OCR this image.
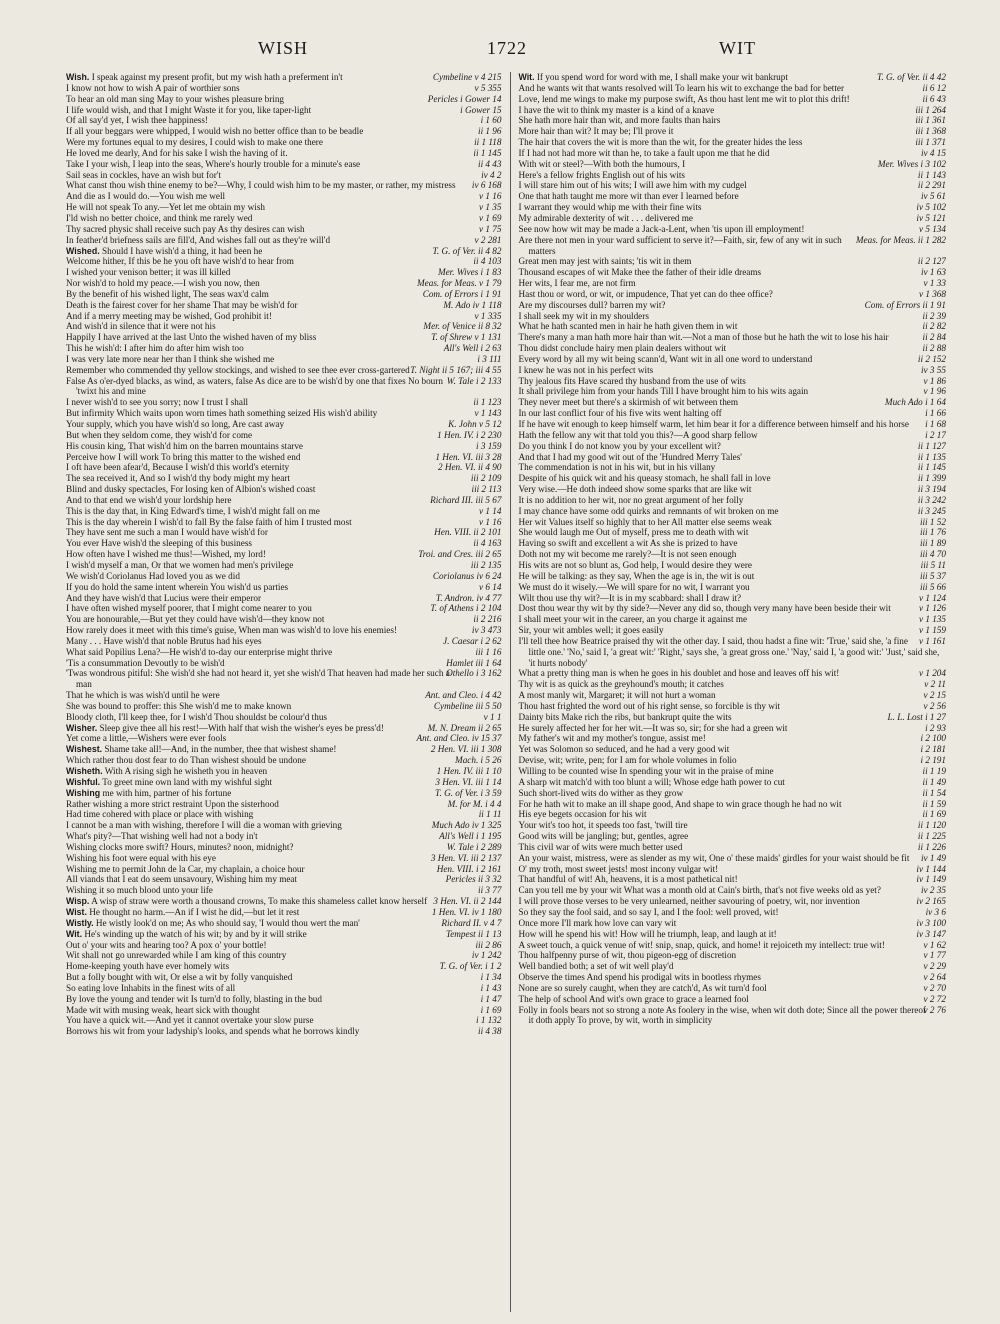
WISH	1722	WIT

Cymbeline v 4 215
Wish. I speak against my present profit, but my wish hath a preferment in't

v 5 355
I know not how to wish A pair of worthier sons

Pericles i Gower 14
To hear an old man sing May to your wishes pleasure bring

i Gower 15
I life would wish, and that I might Waste it for you, like taper-light

i 1 60
Of all say'd yet, I wish thee happiness!

ii 1 96
If all your beggars were whipped, I would wish no better office than to be beadle

ii 1 118
Were my fortunes equal to my desires, I could wish to make one there

ii 1 145
He loved me dearly, And for his sake I wish the having of it.

ii 4 43
Take I your wish, I leap into the seas, Where's hourly trouble for a minute's ease

iv 4 2
Sail seas in cockles, have an wish but for't

iv 6 168
What canst thou wish thine enemy to be?—Why, I could wish him to be my master, or rather, my mistress

v 1 16
And die as I would do.—You wish me well

v 1 35
He will not speak To any.—Yet let me obtain my wish

v 1 69
I'ld wish no better choice, and think me rarely wed

v 1 75
Thy sacred physic shall receive such pay As thy desires can wish

v 2 281
In feather'd briefness sails are fill'd, And wishes fall out as they're will'd

T. G. of Ver. ii 4 82
Wished. Should I have wish'd a thing, it had been he

ii 4 103
Welcome hither, If this be he you oft have wish'd to hear from

Mer. Wives i 1 83
I wished your venison better; it was ill killed

Meas. for Meas. v 1 79
Nor wish'd to hold my peace.—I wish you now, then

Com. of Errors i 1 91
By the benefit of his wished light, The seas wax'd calm

M. Ado iv 1 118
Death is the fairest cover for her shame That may be wish'd for

v 1 335
And if a merry meeting may be wished, God prohibit it!

Mer. of Venice ii 8 32
And wish'd in silence that it were not his

T. of Shrew v 1 131
Happily I have arrived at the last Unto the wished haven of my bliss

All's Well i 2 63
This he wish'd: I after him do after him wish too

i 3 111
I was very late more near her than I think she wished me

T. Night ii 5 167; iii 4 55
Remember who commended thy yellow stockings, and wished to see thee ever cross-gartered

W. Tale i 2 133
False As o'er-dyed blacks, as wind, as waters, false As dice are to be wish'd by one that fixes No bourn 'twixt his and mine

ii 1 123
I never wish'd to see you sorry; now I trust I shall

v 1 143
But infirmity Which waits upon worn times hath something seized His wish'd ability

K. John v 5 12
Your supply, which you have wish'd so long, Are cast away

1 Hen. IV. i 2 230
But when they seldom come, they wish'd for come

i 3 159
His cousin king, That wish'd him on the barren mountains starve

1 Hen. VI. iii 3 28
Perceive how I will work To bring this matter to the wished end

2 Hen. VI. ii 4 90
I oft have been afear'd, Because I wish'd this world's eternity

iii 2 109
The sea received it, And so I wish'd thy body might my heart

iii 2 113
Blind and dusky spectacles, For losing ken of Albion's wished coast

Richard III. iii 5 67
And to that end we wish'd your lordship here

v 1 14
This is the day that, in King Edward's time, I wish'd might fall on me

v 1 16
This is the day wherein I wish'd to fall By the false faith of him I trusted most

Hen. VIII. ii 2 101
They have sent me such a man I would have wish'd for

ii 4 163
You ever Have wish'd the sleeping of this business

Troi. and Cres. iii 2 65
How often have I wished me thus!—Wished, my lord!

iii 2 135
I wish'd myself a man, Or that we women had men's privilege

Coriolanus iv 6 24
We wish'd Coriolanus Had loved you as we did

v 6 14
If you do hold the same intent wherein You wish'd us parties

T. Andron. iv 4 77
And they have wish'd that Lucius were their emperor

T. of Athens i 2 104
I have often wished myself poorer, that I might come nearer to you

ii 2 216
You are honourable,—But yet they could have wish'd—they know not

iv 3 473
How rarely does it meet with this time's guise, When man was wish'd to love his enemies!

J. Caesar i 2 62
Many . . . Have wish'd that noble Brutus had his eyes

iii 1 16
What said Popilius Lena?—He wish'd to-day our enterprise might thrive

Hamlet iii 1 64
'Tis a consummation Devoutly to be wish'd

Othello i 3 162
'Twas wondrous pitiful: She wish'd she had not heard it, yet she wish'd That heaven had made her such a man

Ant. and Cleo. i 4 42
That he which is was wish'd until he were

Cymbeline iii 5 50
She was bound to proffer: this She wish'd me to make known

v 1 1
Bloody cloth, I'll keep thee, for I wish'd Thou shouldst be colour'd thus

M. N. Dream ii 2 65
Wisher. Sleep give thee all his rest!—With half that wish the wisher's eyes be press'd!

Ant. and Cleo. iv 15 37
Yet come a little,—Wishers were ever fools

2 Hen. VI. iii 1 308
Wishest. Shame take all!—And, in the number, thee that wishest shame!

Mach. i 5 26
Which rather thou dost fear to do Than wishest should be undone

1 Hen. IV. iii 1 10
Wisheth. With A rising sigh he wisheth you in heaven

3 Hen. VI. iii 1 14
Wishful. To greet mine own land with my wishful sight

T. G. of Ver. i 3 59
Wishing me with him, partner of his fortune

M. for M. i 4 4
Rather wishing a more strict restraint Upon the sisterhood

ii 1 11
Had time cohered with place or place with wishing

Much Ado iv 1 325
I cannot be a man with wishing, therefore I will die a woman with grieving

All's Well i 1 195
What's pity?—That wishing well had not a body in't

W. Tale i 2 289
Wishing clocks more swift? Hours, minutes? noon, midnight?

3 Hen. VI. iii 2 137
Wishing his foot were equal with his eye

Hen. VIII. i 2 161
Wishing me to permit John de la Car, my chaplain, a choice hour

Pericles ii 3 32
All viands that I eat do seem unsavoury, Wishing him my meat

ii 3 77
Wishing it so much blood unto your life

3 Hen. VI. ii 2 144
Wisp. A wisp of straw were worth a thousand crowns, To make this shameless callet know herself

1 Hen. VI. iv 1 180
Wist. He thought no harm.—An if I wist he did,—but let it rest

Richard II. v 4 7
Wistly. He wistly look'd on me; As who should say, 'I would thou wert the man'

Tempest ii 1 13
Wit. He's winding up the watch of his wit; by and by it will strike

iii 2 86
Out o' your wits and hearing too? A pox o' your bottle!

iv 1 242
Wit shall not go unrewarded while I am king of this country

T. G. of Ver. i 1 2
Home-keeping youth have ever homely wits

i 1 34
But a folly bought with wit, Or else a wit by folly vanquished

i 1 43
So eating love Inhabits in the finest wits of all

i 1 47
By love the young and tender wit Is turn'd to folly, blasting in the bud

i 1 69
Made wit with musing weak, heart sick with thought

i 1 132
You have a quick wit.—And yet it cannot overtake your slow purse

ii 4 38
Borrows his wit from your ladyship's looks, and spends what he borrows kindly

T. G. of Ver. ii 4 42
Wit. If you spend word for word with me, I shall make your wit bankrupt

ii 6 12
And he wants wit that wants resolved will To learn his wit to exchange the bad for better

ii 6 43
Love, lend me wings to make my purpose swift, As thou hast lent me wit to plot this drift!

iii 1 264
I have the wit to think my master is a kind of a knave

iii 1 361
She hath more hair than wit, and more faults than hairs

iii 1 368
More hair than wit? It may be; I'll prove it

iii 1 371
The hair that covers the wit is more than the wit, for the greater hides the less

iv 4 15
If I had not had more wit than he, to take a fault upon me that he did

Mer. Wives i 3 102
With wit or steel?—With both the humours, I

ii 1 143
Here's a fellow frights English out of his wits

ii 2 291
I will stare him out of his wits; I will awe him with my cudgel

iv 5 61
One that hath taught me more wit than ever I learned before

iv 5 102
I warrant they would whip me with their fine wits

iv 5 121
My admirable dexterity of wit . . . delivered me

v 5 134
See now how wit may be made a Jack-a-Lent, when 'tis upon ill employment!

Meas. for Meas. ii 1 282
Are there not men in your ward sufficient to serve it?—Faith, sir, few of any wit in such matters

ii 2 127
Great men may jest with saints; 'tis wit in them

iv 1 63
Thousand escapes of wit Make thee the father of their idle dreams

v 1 33
Her wits, I fear me, are not firm

v 1 368
Hast thou or word, or wit, or impudence, That yet can do thee office?

Com. of Errors ii 1 91
Are my discourses dull? barren my wit?

ii 2 39
I shall seek my wit in my shoulders

ii 2 82
What he hath scanted men in hair he hath given them in wit

ii 2 84
There's many a man hath more hair than wit.—Not a man of those but he hath the wit to lose his hair

ii 2 88
Thou didst conclude hairy men plain dealers without wit

ii 2 152
Every word by all my wit being scann'd, Want wit in all one word to understand

iv 3 55
I knew he was not in his perfect wits

v 1 86
Thy jealous fits Have scared thy husband from the use of wits

v 1 96
It shall privilege him from your hands Till I have brought him to his wits again

Much Ado i 1 64
They never meet but there's a skirmish of wit between them

i 1 66
In our last conflict four of his five wits went halting off

i 1 68
If he have wit enough to keep himself warm, let him bear it for a difference between himself and his horse

i 2 17
Hath the fellow any wit that told you this?—A good sharp fellow

ii 1 127
Do you think I do not know you by your excellent wit?

ii 1 135
And that I had my good wit out of the 'Hundred Merry Tales'

ii 1 145
The commendation is not in his wit, but in his villany

ii 1 399
Despite of his quick wit and his queasy stomach, he shall fall in love

ii 3 194
Very wise.—He doth indeed show some sparks that are like wit

ii 3 242
It is no addition to her wit, nor no great argument of her folly

ii 3 245
I may chance have some odd quirks and remnants of wit broken on me

iii 1 52
Her wit Values itself so highly that to her All matter else seems weak

iii 1 76
She would laugh me Out of myself, press me to death with wit

iii 1 89
Having so swift and excellent a wit As she is prized to have

iii 4 70
Doth not my wit become me rarely?—It is not seen enough

iii 5 11
His wits are not so blunt as, God help, I would desire they were

iii 5 37
He will be talking: as they say, When the age is in, the wit is out

iii 5 66
We must do it wisely.—We will spare for no wit, I warrant you

v 1 124
Wilt thou use thy wit?—It is in my scabbard: shall I draw it?

v 1 126
Dost thou wear thy wit by thy side?—Never any did so, though very many have been beside their wit

v 1 135
I shall meet your wit in the career, an you charge it against me

v 1 159
Sir, your wit ambles well; it goes easily

v 1 161
I'll tell thee how Beatrice praised thy wit the other day. I said, thou hadst a fine wit: 'True,' said she, 'a fine little one.' 'No,' said I, 'a great wit:' 'Right,' says she, 'a great gross one.' 'Nay,' said I, 'a good wit:' 'Just,' said she, 'it hurts nobody'

v 1 204
What a pretty thing man is when he goes in his doublet and hose and leaves off his wit!

v 2 11
Thy wit is as quick as the greyhound's mouth; it catches

v 2 15
A most manly wit, Margaret; it will not hurt a woman

v 2 56
Thou hast frighted the word out of his right sense, so forcible is thy wit

L. L. Lost i 1 27
Dainty bits Make rich the ribs, but bankrupt quite the wits

i 2 93
He surely affected her for her wit.—It was so, sir; for she had a green wit

i 2 100
My father's wit and my mother's tongue, assist me!

i 2 181
Yet was Solomon so seduced, and he had a very good wit

i 2 191
Devise, wit; write, pen; for I am for whole volumes in folio

ii 1 19
Willing to be counted wise In spending your wit in the praise of mine

ii 1 49
A sharp wit match'd with too blunt a will; Whose edge hath power to cut

ii 1 54
Such short-lived wits do wither as they grow

ii 1 59
For he hath wit to make an ill shape good, And shape to win grace though he had no wit

ii 1 69
His eye begets occasion for his wit

ii 1 120
Your wit's too hot, it speeds too fast, 'twill tire

ii 1 225
Good wits will be jangling; but, gentles, agree

ii 1 226
This civil war of wits were much better used

iv 1 49
An your waist, mistress, were as slender as my wit, One o' these maids' girdles for your waist should be fit

iv 1 144
O' my troth, most sweet jests! most incony vulgar wit!

iv 1 149
That handful of wit! Ah, heavens, it is a most pathetical nit!

iv 2 35
Can you tell me by your wit What was a month old at Cain's birth, that's not five weeks old as yet?

iv 2 165
I will prove those verses to be very unlearned, neither savouring of poetry, wit, nor invention

iv 3 6
So they say the fool said, and so say I, and I the fool: well proved, wit!

iv 3 100
Once more I'll mark how love can vary wit

iv 3 147
How will he spend his wit! How will he triumph, leap, and laugh at it!

v 1 62
A sweet touch, a quick venue of wit! snip, snap, quick, and home! it rejoiceth my intellect: true wit!

v 1 77
Thou halfpenny purse of wit, thou pigeon-egg of discretion

v 2 29
Well bandied both; a set of wit well play'd

v 2 64
Observe the times And spend his prodigal wits in bootless rhymes

v 2 70
None are so surely caught, when they are catch'd, As wit turn'd fool

v 2 72
The help of school And wit's own grace to grace a learned fool

v 2 76
Folly in fools bears not so strong a note As foolery in the wise, when wit doth dote; Since all the power thereof it doth apply To prove, by wit, worth in simplicity
